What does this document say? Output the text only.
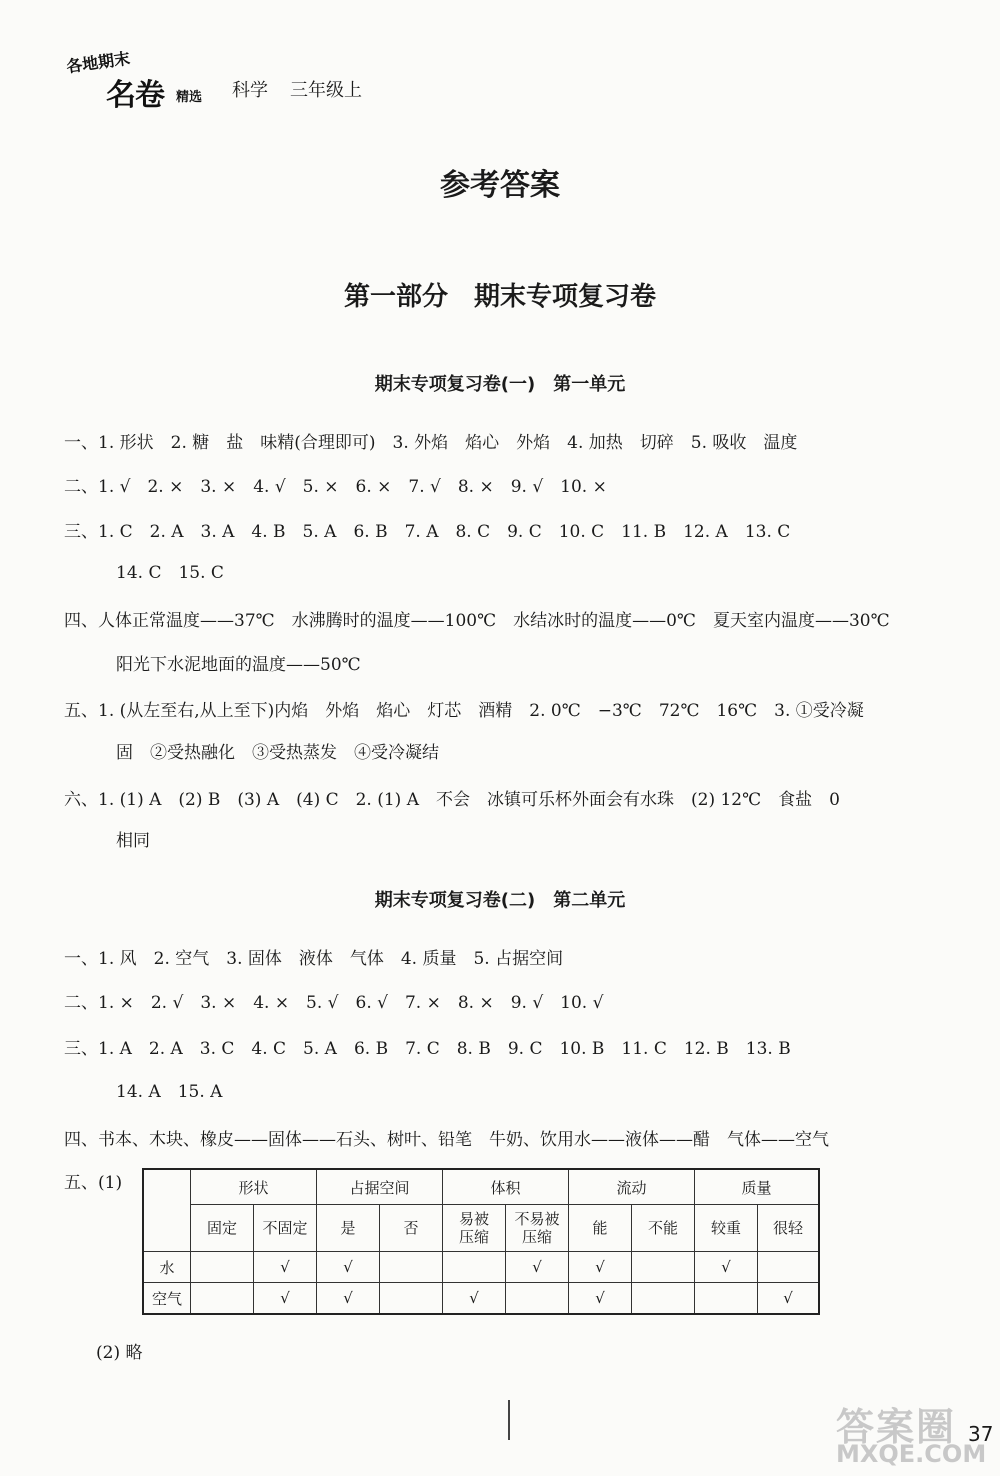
各地期末
名卷 精选 科学 三年级上
参考答案
第一部分　期末专项复习卷
期末专项复习卷(一)　第一单元
一、1. 形状　2. 糖　盐　味精(合理即可)　3. 外焰　焰心　外焰　4. 加热　切碎　5. 吸收　温度
二、1. √　2. ×　3. ×　4. √　5. ×　6. ×　7. √　8. ×　9. √　10. ×
三、1. C　2. A　3. A　4. B　5. A　6. B　7. A　8. C　9. C　10. C　11. B　12. A　13. C
14. C　15. C
四、人体正常温度——37℃　水沸腾时的温度——100℃　水结冰时的温度——0℃　夏天室内温度——30℃
阳光下水泥地面的温度——50℃
五、1. (从左至右,从上至下)内焰　外焰　焰心　灯芯　酒精　2. 0℃　−3℃　72℃　16℃　3. ①受冷凝
固　②受热融化　③受热蒸发　④受冷凝结
六、1. (1) A　(2) B　(3) A　(4) C　2. (1) A　不会　冰镇可乐杯外面会有水珠　(2) 12℃　食盐　0
相同
期末专项复习卷(二)　第二单元
一、1. 风　2. 空气　3. 固体　液体　气体　4. 质量　5. 占据空间
二、1. ×　2. √　3. ×　4. ×　5. √　6. √　7. ×　8. ×　9. √　10. √
三、1. A　2. A　3. C　4. C　5. A　6. B　7. C　8. B　9. C　10. B　11. C　12. B　13. B
14. A　15. A
四、书本、木块、橡皮——固体——石头、树叶、铅笔　牛奶、饮用水——液体——醋　气体——空气
五、(1)
		形状		占据空间		体积		流动		质量	
	固定	不固定	是	否	易被压缩	不易被压缩	能	不能	较重	很轻
水		√	√			√	√		√	
空气		√	√		√		√			√
(2) 略
答案圈
MXQE.COM
37
